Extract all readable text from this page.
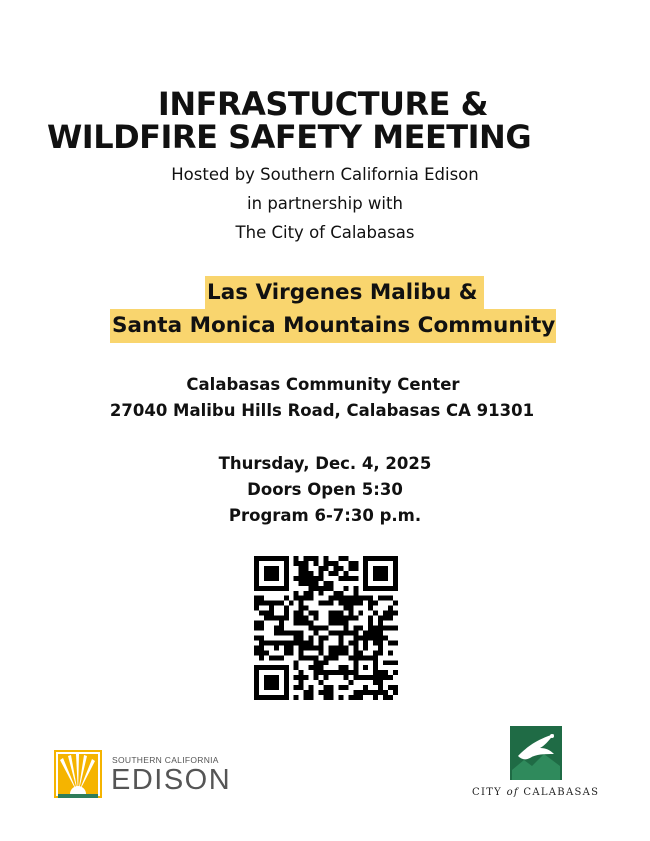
INFRASTUCTURE &
WILDFIRE SAFETY MEETING
Hosted by Southern California Edison
in partnership with
The City of Calabasas
Las Virgenes Malibu &
Santa Monica Mountains Community
Calabasas Community Center
27040 Malibu Hills Road, Calabasas CA 91301
Thursday, Dec. 4, 2025
Doors Open 5:30
Program 6-7:30 p.m.
SOUTHERN CALIFORNIA
EDISON	CITY of CALABASAS
